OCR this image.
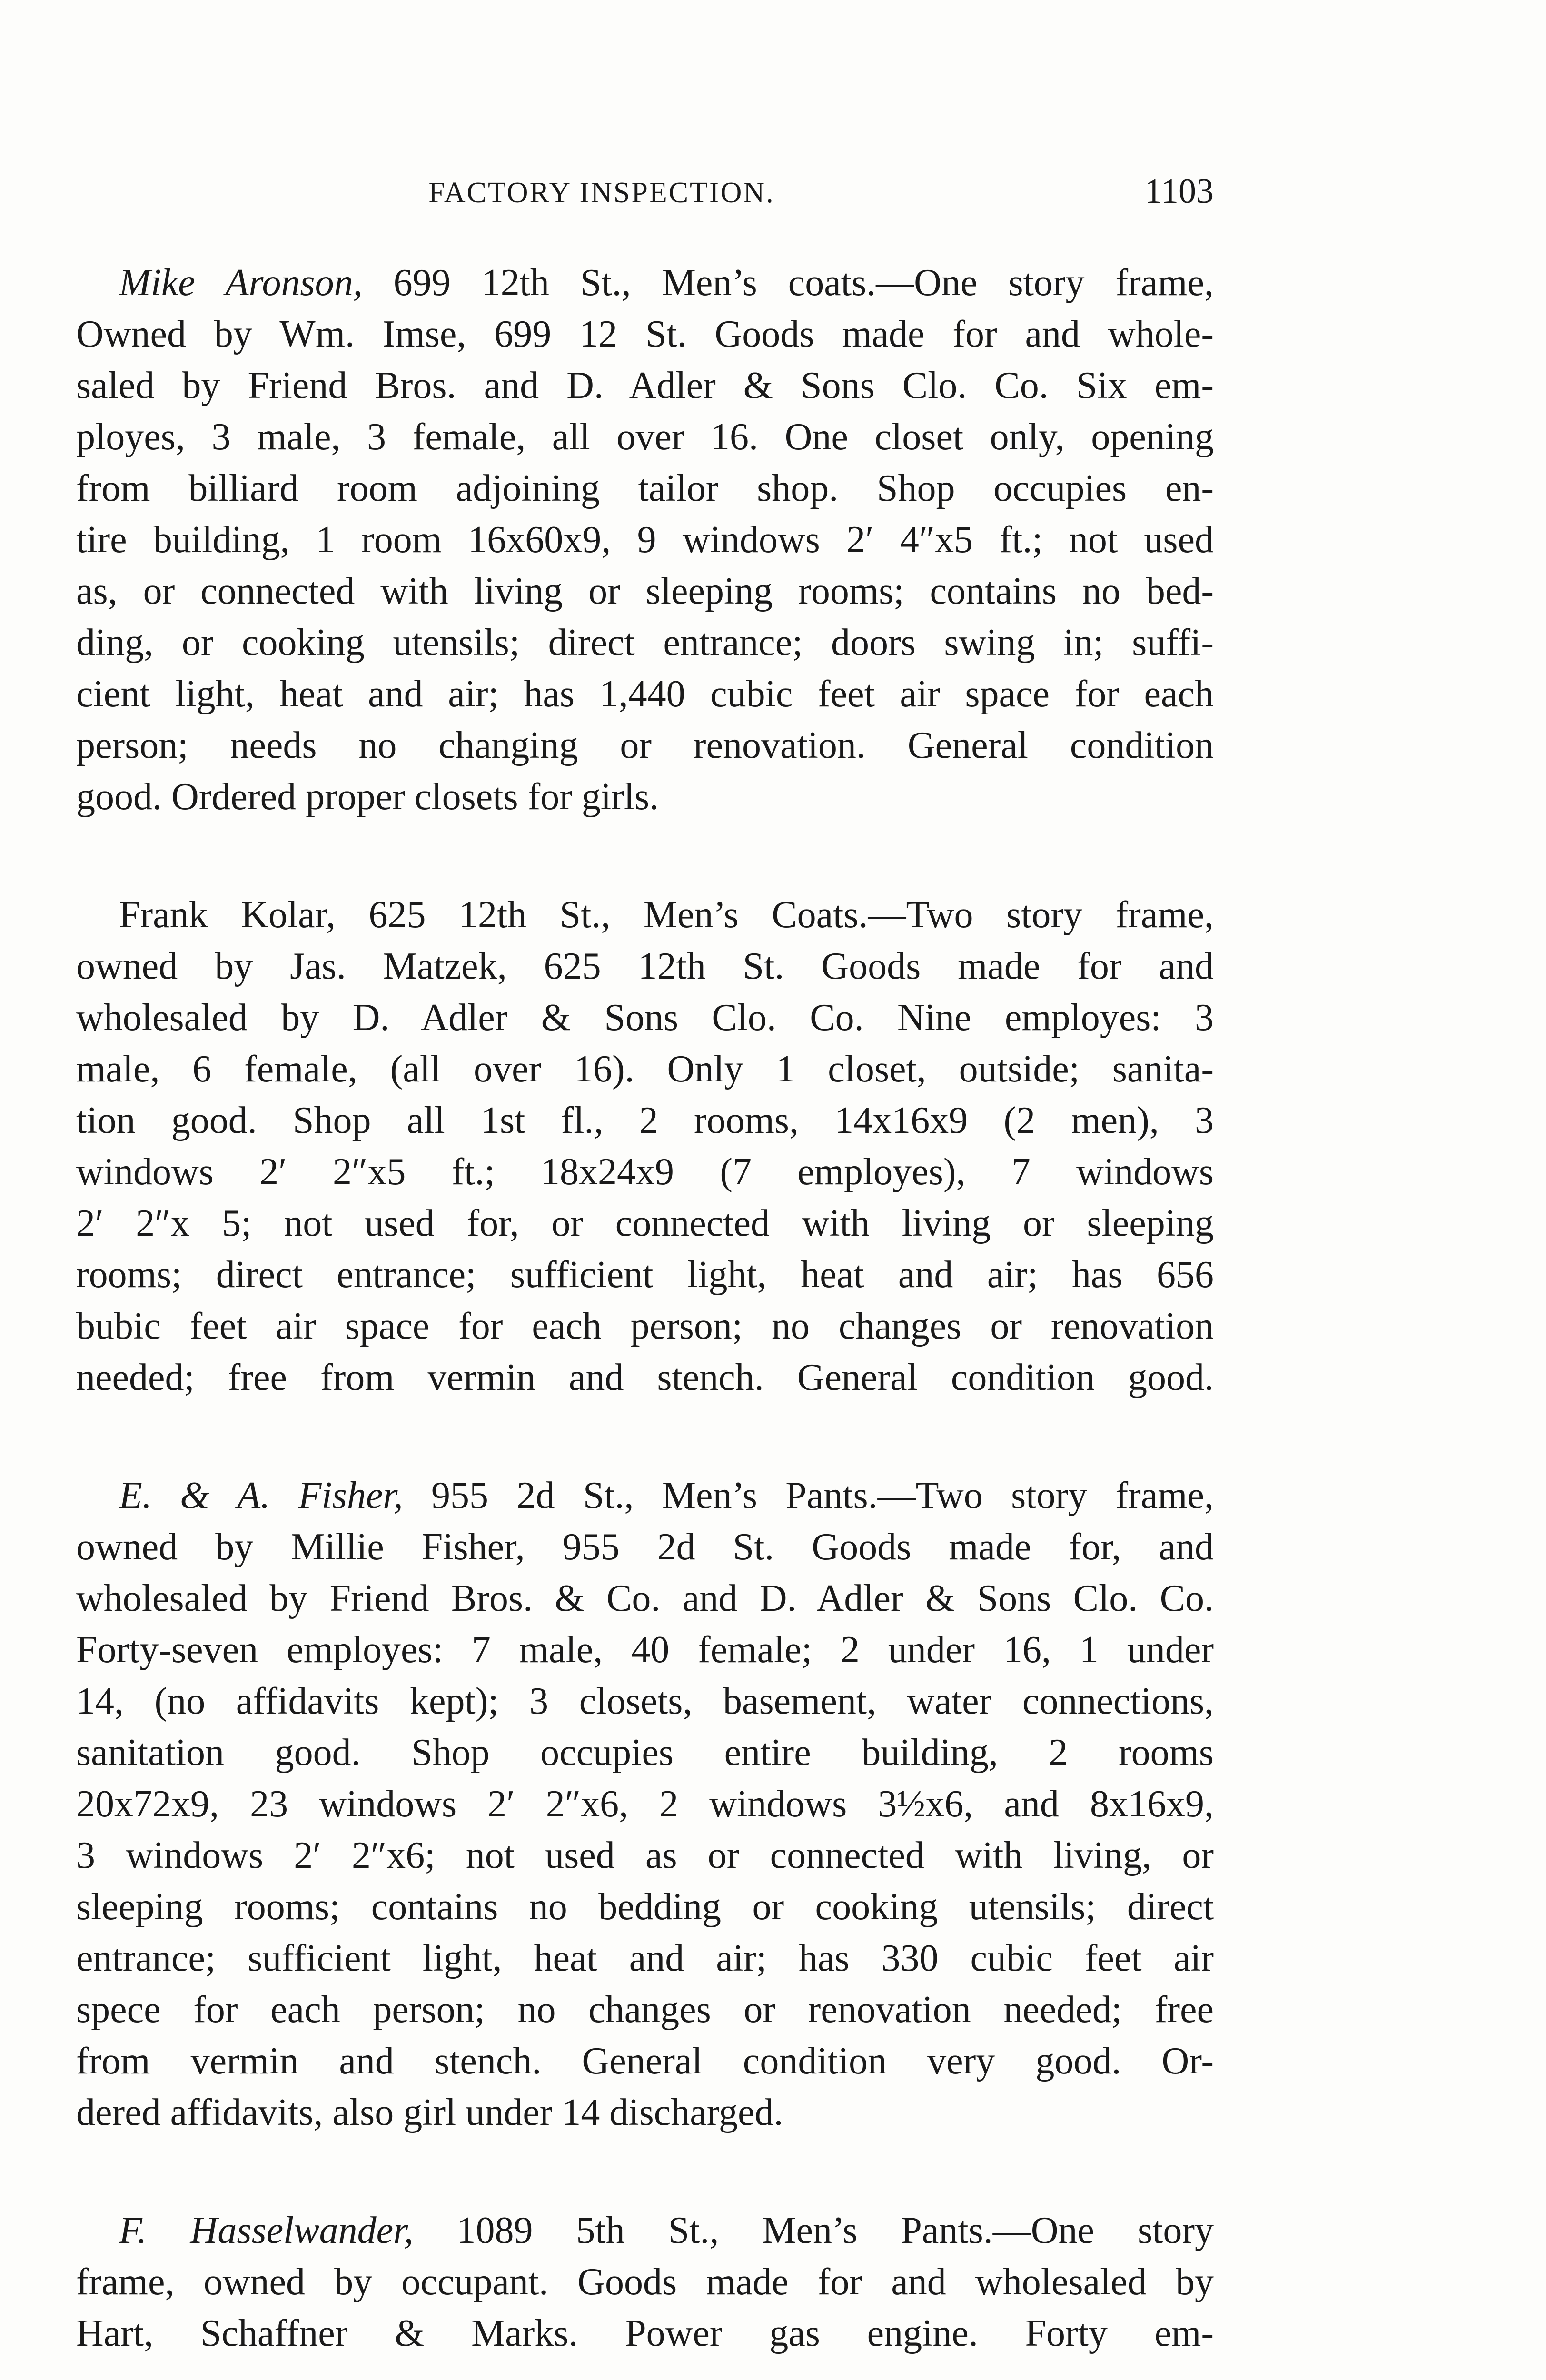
FACTORY INSPECTION.	1103
Mike Aronson, 699 12th St., Men’s coats.—One story frame,
Owned by Wm. Imse, 699 12 St. Goods made for and whole-
saled by Friend Bros. and D. Adler & Sons Clo. Co. Six em-
ployes, 3 male, 3 female, all over 16. One closet only, opening
from billiard room adjoining tailor shop. Shop occupies en-
tire building, 1 room 16x60x9, 9 windows 2′ 4″x5 ft.; not used
as, or connected with living or sleeping rooms; contains no bed-
ding, or cooking utensils; direct entrance; doors swing in; suffi-
cient light, heat and air; has 1,440 cubic feet air space for each
person; needs no changing or renovation. General condition
good. Ordered proper closets for girls.
Frank Kolar, 625 12th St., Men’s Coats.—Two story frame,
owned by Jas. Matzek, 625 12th St. Goods made for and
wholesaled by D. Adler & Sons Clo. Co. Nine employes: 3
male, 6 female, (all over 16). Only 1 closet, outside; sanita-
tion good. Shop all 1st fl., 2 rooms, 14x16x9 (2 men), 3
windows 2′ 2″x5 ft.; 18x24x9 (7 employes), 7 windows
2′ 2″x 5; not used for, or connected with living or sleeping
rooms; direct entrance; sufficient light, heat and air; has 656
bubic feet air space for each person; no changes or renovation
needed; free from vermin and stench. General condition good.
E. & A. Fisher, 955 2d St., Men’s Pants.—Two story frame,
owned by Millie Fisher, 955 2d St. Goods made for, and
wholesaled by Friend Bros. & Co. and D. Adler & Sons Clo. Co.
Forty-seven employes: 7 male, 40 female; 2 under 16, 1 under
14, (no affidavits kept); 3 closets, basement, water connections,
sanitation good. Shop occupies entire building, 2 rooms
20x72x9, 23 windows 2′ 2″x6, 2 windows 3½x6, and 8x16x9,
3 windows 2′ 2″x6; not used as or connected with living, or
sleeping rooms; contains no bedding or cooking utensils; direct
entrance; sufficient light, heat and air; has 330 cubic feet air
spece for each person; no changes or renovation needed; free
from vermin and stench. General condition very good. Or-
dered affidavits, also girl under 14 discharged.
F. Hasselwander, 1089 5th St., Men’s Pants.—One story
frame, owned by occupant. Goods made for and wholesaled by
Hart, Schaffner & Marks. Power gas engine. Forty em-
